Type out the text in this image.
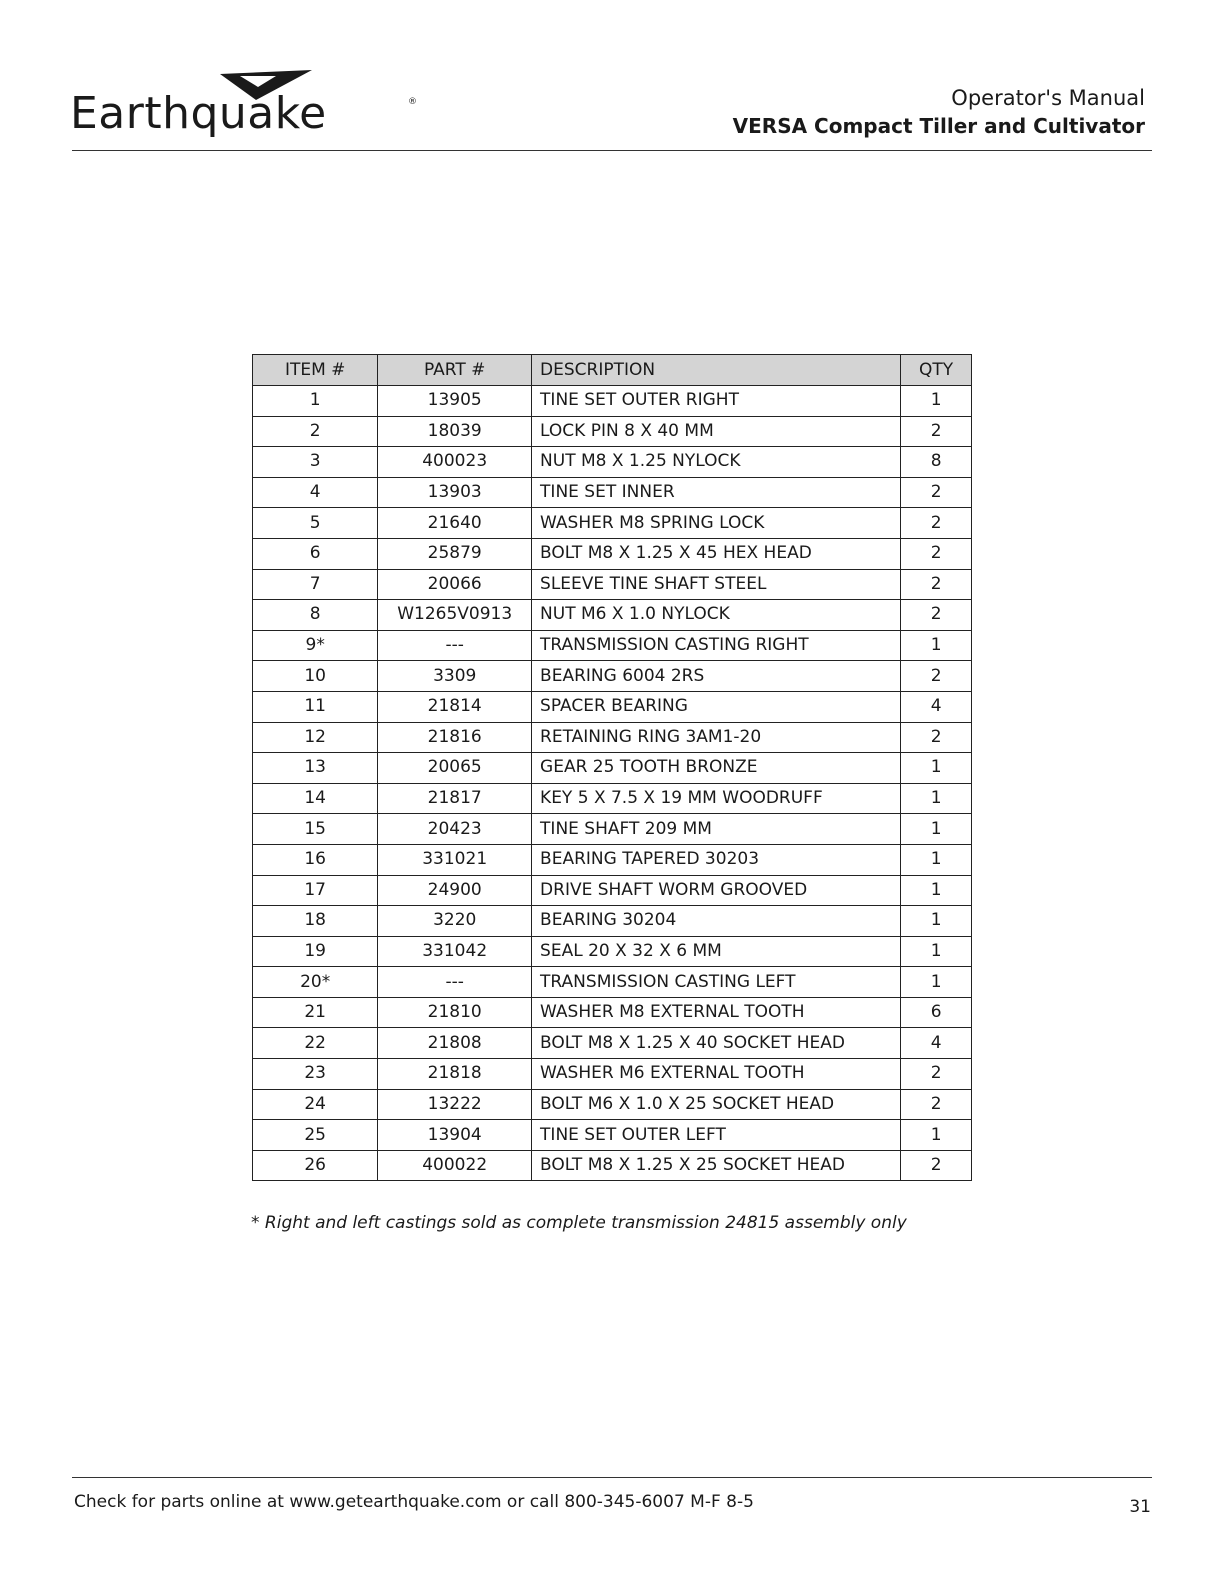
Earthquake	®	Operator's Manual
VERSA Compact Tiller and Cultivator
ITEM #	PART #	DESCRIPTION	QTY
1	13905	TINE SET OUTER RIGHT	1
2	18039	LOCK PIN 8 X 40 MM	2
3	400023	NUT M8 X 1.25 NYLOCK	8
4	13903	TINE SET INNER	2
5	21640	WASHER M8 SPRING LOCK	2
6	25879	BOLT M8 X 1.25 X 45 HEX HEAD	2
7	20066	SLEEVE TINE SHAFT STEEL	2
8	W1265V0913	NUT M6 X 1.0 NYLOCK	2
9*	---	TRANSMISSION CASTING RIGHT	1
10	3309	BEARING 6004 2RS	2
11	21814	SPACER BEARING	4
12	21816	RETAINING RING 3AM1-20	2
13	20065	GEAR 25 TOOTH BRONZE	1
14	21817	KEY 5 X 7.5 X 19 MM WOODRUFF	1
15	20423	TINE SHAFT 209 MM	1
16	331021	BEARING TAPERED 30203	1
17	24900	DRIVE SHAFT WORM GROOVED	1
18	3220	BEARING 30204	1
19	331042	SEAL 20 X 32 X 6 MM	1
20*	---	TRANSMISSION CASTING LEFT	1
21	21810	WASHER M8 EXTERNAL TOOTH	6
22	21808	BOLT M8 X 1.25 X 40 SOCKET HEAD	4
23	21818	WASHER M6 EXTERNAL TOOTH	2
24	13222	BOLT M6 X 1.0 X 25 SOCKET HEAD	2
25	13904	TINE SET OUTER LEFT	1
26	400022	BOLT M8 X 1.25 X 25 SOCKET HEAD	2
* Right and left castings sold as complete transmission 24815 assembly only
Check for parts online at www.getearthquake.com or call 800-345-6007 M-F 8-5	31
